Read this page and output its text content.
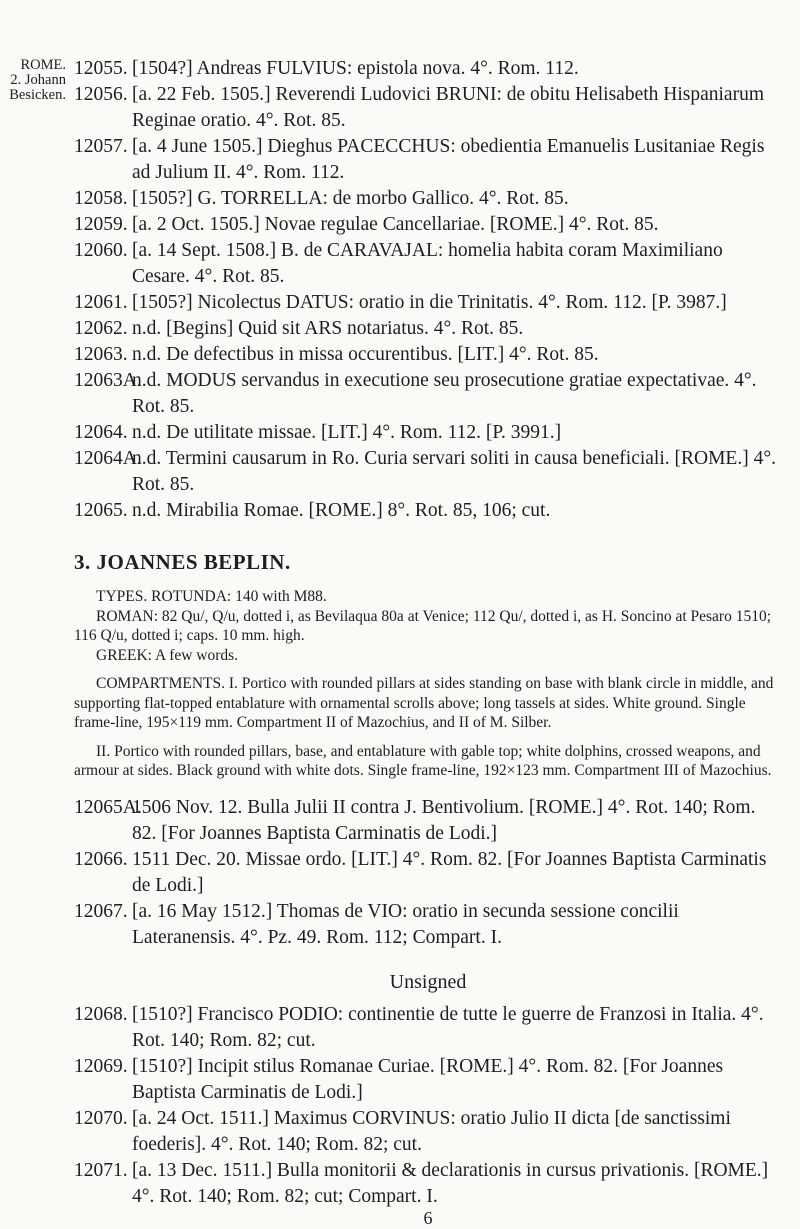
ROME.
2. Johann
Besicken.

12055. [1504?] Andreas FULVIUS: epistola nova. 4°. Rom. 112.

12056. [a. 22 Feb. 1505.] Reverendi Ludovici BRUNI: de obitu Helisabeth Hispaniarum Reginae oratio. 4°. Rot. 85.

12057. [a. 4 June 1505.] Dieghus PACECCHUS: obedientia Emanuelis Lusitaniae Regis ad Julium II. 4°. Rom. 112.

12058. [1505?] G. TORRELLA: de morbo Gallico. 4°. Rot. 85.

12059. [a. 2 Oct. 1505.] Novae regulae Cancellariae. [ROME.] 4°. Rot. 85.

12060. [a. 14 Sept. 1508.] B. de CARAVAJAL: homelia habita coram Maximiliano Cesare. 4°. Rot. 85.

12061. [1505?] Nicolectus DATUS: oratio in die Trinitatis. 4°. Rom. 112. [P. 3987.]

12062. n.d. [Begins] Quid sit ARS notariatus. 4°. Rot. 85.

12063. n.d. De defectibus in missa occurentibus. [LIT.] 4°. Rot. 85.

12063A.n.d. MODUS servandus in executione seu prosecutione gratiae expectativae. 4°. Rot. 85.

12064. n.d. De utilitate missae. [LIT.] 4°. Rom. 112. [P. 3991.]

12064A.n.d. Termini causarum in Ro. Curia servari soliti in causa beneficiali. [ROME.] 4°. Rot. 85.

12065. n.d. Mirabilia Romae. [ROME.] 8°. Rot. 85, 106; cut.

3. JOANNES BEPLIN.

TYPES. ROTUNDA: 140 with M88.

ROMAN: 82 Qu/, Q/u, dotted i, as Bevilaqua 80a at Venice; 112 Qu/, dotted i, as H. Soncino at Pesaro 1510; 116 Q/u, dotted i; caps. 10 mm. high.

GREEK: A few words.

COMPARTMENTS. I. Portico with rounded pillars at sides standing on base with blank circle in middle, and supporting flat-topped entablature with ornamental scrolls above; long tassels at sides. White ground. Single frame-line, 195×119 mm. Compartment II of Mazochius, and II of M. Silber.

II. Portico with rounded pillars, base, and entablature with gable top; white dolphins, crossed weapons, and armour at sides. Black ground with white dots. Single frame-line, 192×123 mm. Compartment III of Mazochius.

12065A.1506 Nov. 12. Bulla Julii II contra J. Bentivolium. [ROME.] 4°. Rot. 140; Rom. 82. [For Joannes Baptista Carminatis de Lodi.]

12066. 1511 Dec. 20. Missae ordo. [LIT.] 4°. Rom. 82. [For Joannes Baptista Carminatis de Lodi.]

12067. [a. 16 May 1512.] Thomas de VIO: oratio in secunda sessione concilii Lateranensis. 4°. Pz. 49. Rom. 112; Compart. I.

Unsigned

12068. [1510?] Francisco PODIO: continentie de tutte le guerre de Franzosi in Italia. 4°. Rot. 140; Rom. 82; cut.

12069. [1510?] Incipit stilus Romanae Curiae. [ROME.] 4°. Rom. 82. [For Joannes Baptista Carminatis de Lodi.]

12070. [a. 24 Oct. 1511.] Maximus CORVINUS: oratio Julio II dicta [de sanctissimi foederis]. 4°. Rot. 140; Rom. 82; cut.

12071. [a. 13 Dec. 1511.] Bulla monitorii & declarationis in cursus privationis. [ROME.] 4°. Rot. 140; Rom. 82; cut; Compart. I.

6
